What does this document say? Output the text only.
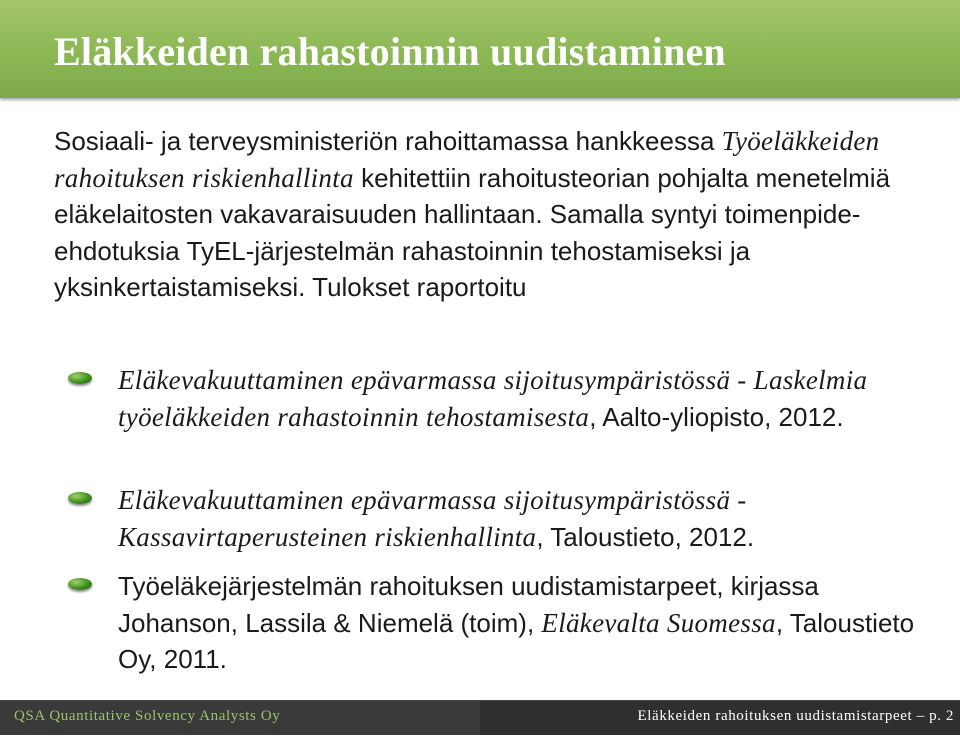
Eläkkeiden rahastoinnin uudistaminen

Sosiaali- ja terveysministeriön rahoittamassa hankkeessa Työeläkkeiden rahoituksen riskienhallinta kehitettiin rahoitusteorian pohjalta menetelmiä eläkelaitosten vakavaraisuuden hallintaan. Samalla syntyi toimenpide-ehdotuksia TyEL-järjestelmän rahastoinnin tehostamiseksi ja yksinkertaistamiseksi. Tulokset raportoitu

Eläkevakuuttaminen epävarmassa sijoitusympäristössä - Laskelmia työeläkkeiden rahastoinnin tehostamisesta, Aalto-yliopisto, 2012.
Eläkevakuuttaminen epävarmassa sijoitusympäristössä - Kassavirtaperusteinen riskienhallinta, Taloustieto, 2012.
Työeläkejärjestelmän rahoituksen uudistamistarpeet, kirjassa Johanson, Lassila & Niemelä (toim), Eläkevalta Suomessa, Taloustieto Oy, 2011.
QSA Quantitative Solvency Analysts Oy	Eläkkeiden rahoituksen uudistamistarpeet – p. 2
